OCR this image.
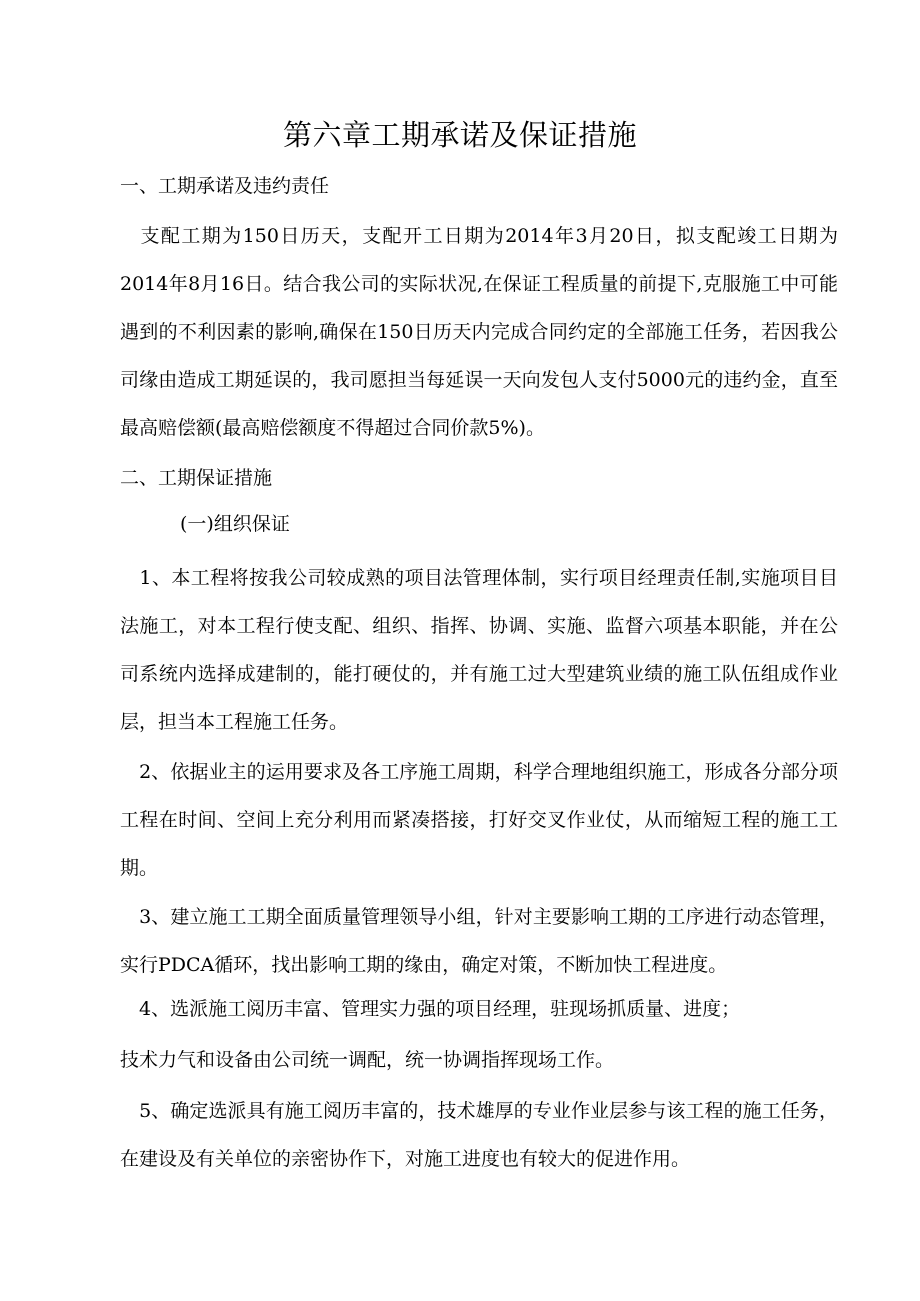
第六章工期承诺及保证措施
一、工期承诺及违约责任
　支配工期为150日历天，支配开工日期为2014年3月20日，拟支配竣工日期为2014年8月16日。结合我公司的实际状况,在保证工程质量的前提下,克服施工中可能遇到的不利因素的影响,确保在150日历天内完成合同约定的全部施工任务，若因我公司缘由造成工期延误的，我司愿担当每延误一天向发包人支付5000元的违约金，直至最高赔偿额(最高赔偿额度不得超过合同价款5%)。
二、工期保证措施
(一)组织保证
　1、本工程将按我公司较成熟的项目法管理体制，实行项目经理责任制,实施项目目法施工，对本工程行使支配、组织、指挥、协调、实施、监督六项基本职能，并在公司系统内选择成建制的，能打硬仗的，并有施工过大型建筑业绩的施工队伍组成作业层，担当本工程施工任务。
　2、依据业主的运用要求及各工序施工周期，科学合理地组织施工，形成各分部分项工程在时间、空间上充分利用而紧凑搭接，打好交叉作业仗，从而缩短工程的施工工期。
　3、建立施工工期全面质量管理领导小组，针对主要影响工期的工序进行动态管理，实行PDCA循环，找出影响工期的缘由，确定对策，不断加快工程进度。
　4、选派施工阅历丰富、管理实力强的项目经理，驻现场抓质量、进度；
技术力气和设备由公司统一调配，统一协调指挥现场工作。
　5、确定选派具有施工阅历丰富的，技术雄厚的专业作业层参与该工程的施工任务，在建设及有关单位的亲密协作下，对施工进度也有较大的促进作用。
